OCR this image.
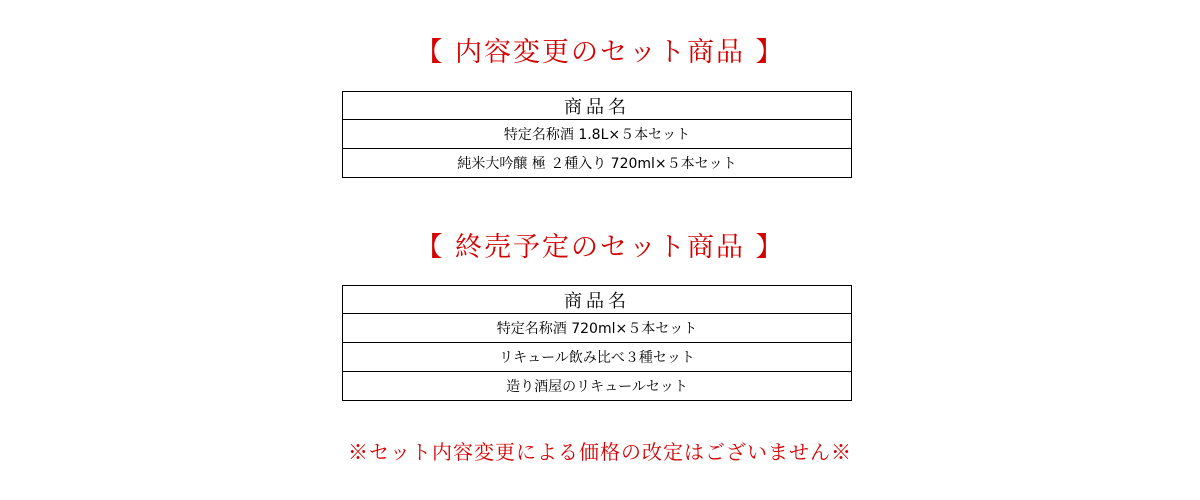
【 内容変更のセット商品 】
商品名
特定名称酒 1.8L×５本セット
純米大吟醸 極 ２種入り 720ml×５本セット
【 終売予定のセット商品 】
商品名
特定名称酒 720ml×５本セット
リキュール飲み比べ３種セット
造り酒屋のリキュールセット
※セット内容変更による価格の改定はございません※
